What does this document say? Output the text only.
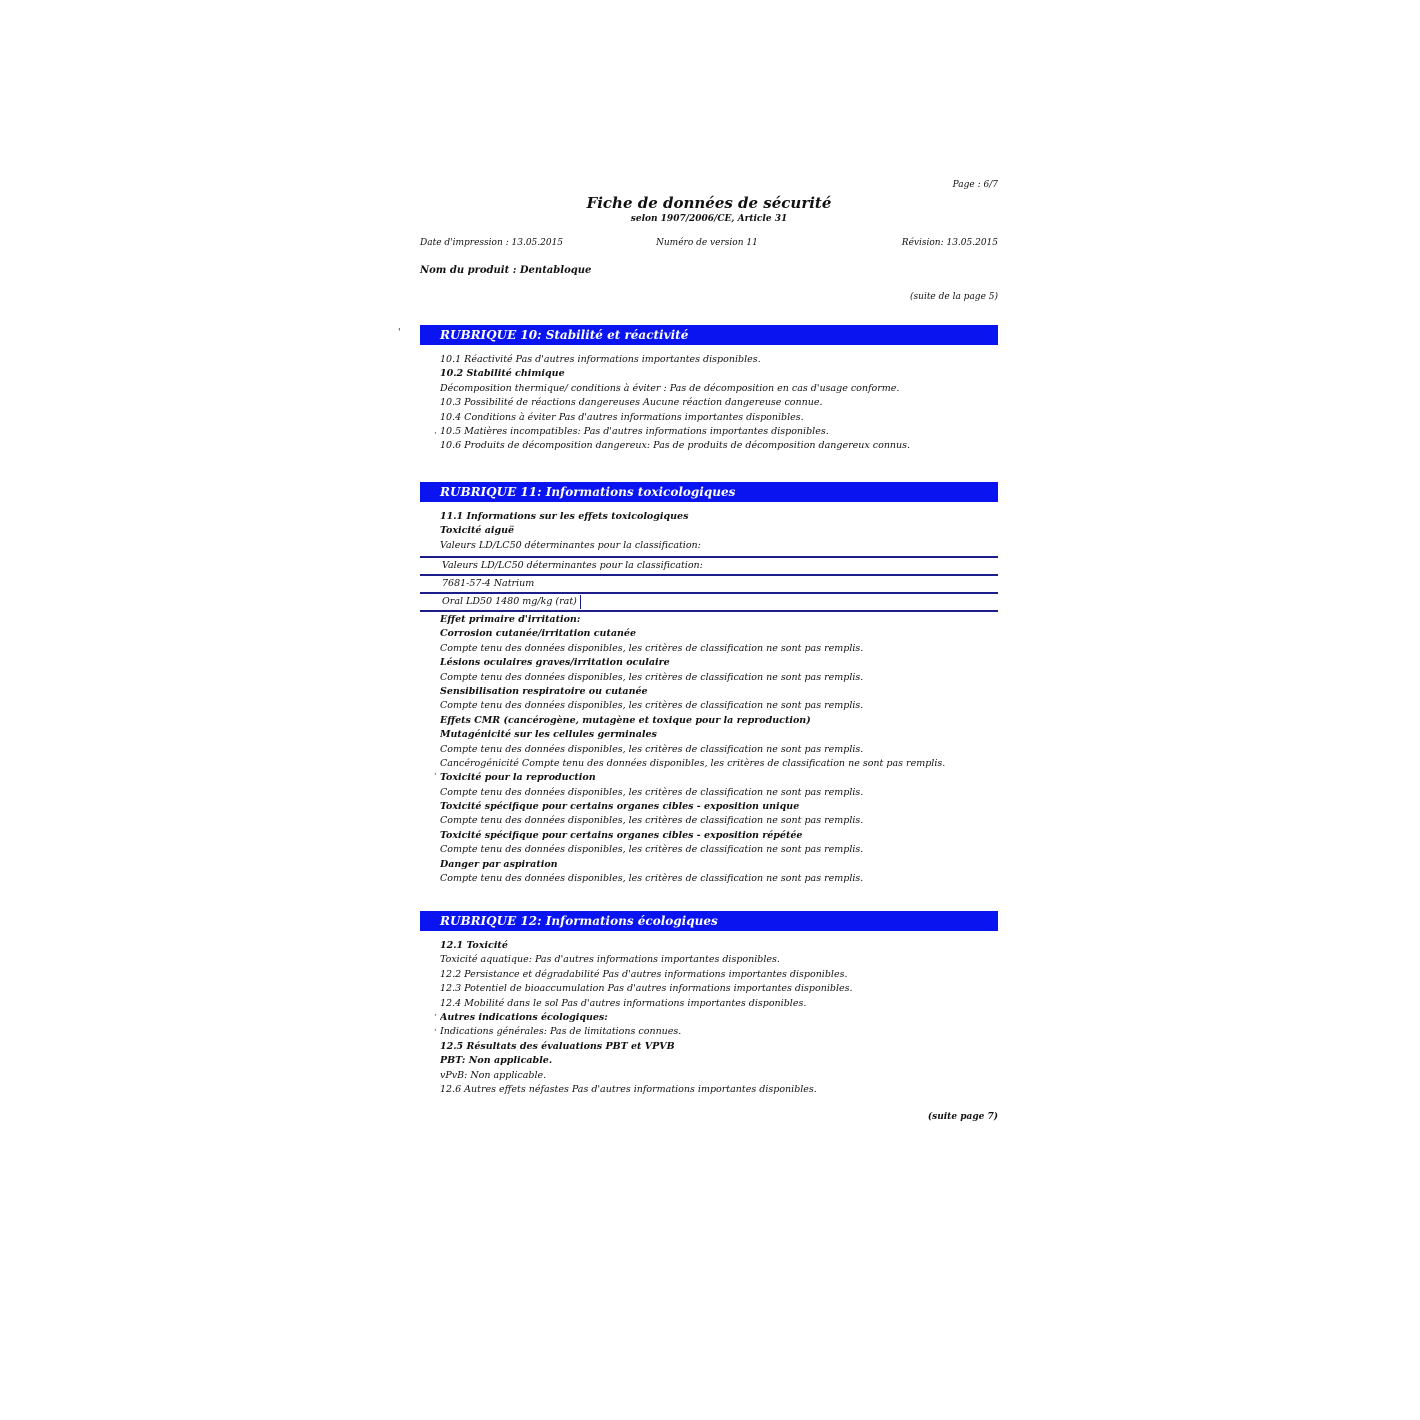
'
Page : 6/7
Fiche de données de sécurité
selon 1907/2006/CE, Article 31
Date d'impression : 13.05.2015	Numéro de version 11	Révision: 13.05.2015
Nom du produit : Dentabloque
(suite de la page 5)
RUBRIQUE 10: Stabilité et réactivité
10.1 Réactivité Pas d'autres informations importantes disponibles.
10.2 Stabilité chimique
Décomposition thermique/ conditions à éviter : Pas de décomposition en cas d'usage conforme.
10.3 Possibilité de réactions dangereuses Aucune réaction dangereuse connue.
10.4 Conditions à éviter Pas d'autres informations importantes disponibles.
10.5 Matières incompatibles: Pas d'autres informations importantes disponibles.
10.6 Produits de décomposition dangereux: Pas de produits de décomposition dangereux connus.
·
RUBRIQUE 11: Informations toxicologiques
11.1 Informations sur les effets toxicologiques
Toxicité aiguë
Valeurs LD/LC50 déterminantes pour la classification:
Valeurs LD/LC50 déterminantes pour la classification:
7681-57-4 Natrium
Oral LD50 1480 mg/kg (rat)
Effet primaire d'irritation:
Corrosion cutanée/irritation cutanée
Compte tenu des données disponibles, les critères de classification ne sont pas remplis.
Lésions oculaires graves/irritation oculaire
Compte tenu des données disponibles, les critères de classification ne sont pas remplis.
Sensibilisation respiratoire ou cutanée
Compte tenu des données disponibles, les critères de classification ne sont pas remplis.
Effets CMR (cancérogène, mutagène et toxique pour la reproduction)
Mutagénicité sur les cellules germinales
Compte tenu des données disponibles, les critères de classification ne sont pas remplis.
Cancérogénicité Compte tenu des données disponibles, les critères de classification ne sont pas remplis.
Toxicité pour la reproduction
Compte tenu des données disponibles, les critères de classification ne sont pas remplis.
Toxicité spécifique pour certains organes cibles - exposition unique
Compte tenu des données disponibles, les critères de classification ne sont pas remplis.
Toxicité spécifique pour certains organes cibles - exposition répétée
Compte tenu des données disponibles, les critères de classification ne sont pas remplis.
Danger par aspiration
Compte tenu des données disponibles, les critères de classification ne sont pas remplis.
·
RUBRIQUE 12: Informations écologiques
12.1 Toxicité
Toxicité aquatique: Pas d'autres informations importantes disponibles.
12.2 Persistance et dégradabilité Pas d'autres informations importantes disponibles.
12.3 Potentiel de bioaccumulation Pas d'autres informations importantes disponibles.
12.4 Mobilité dans le sol Pas d'autres informations importantes disponibles.
Autres indications écologiques:
Indications générales: Pas de limitations connues.
12.5 Résultats des évaluations PBT et VPVB
PBT: Non applicable.
vPvB: Non applicable.
12.6 Autres effets néfastes Pas d'autres informations importantes disponibles.
·
·
(suite page 7)
